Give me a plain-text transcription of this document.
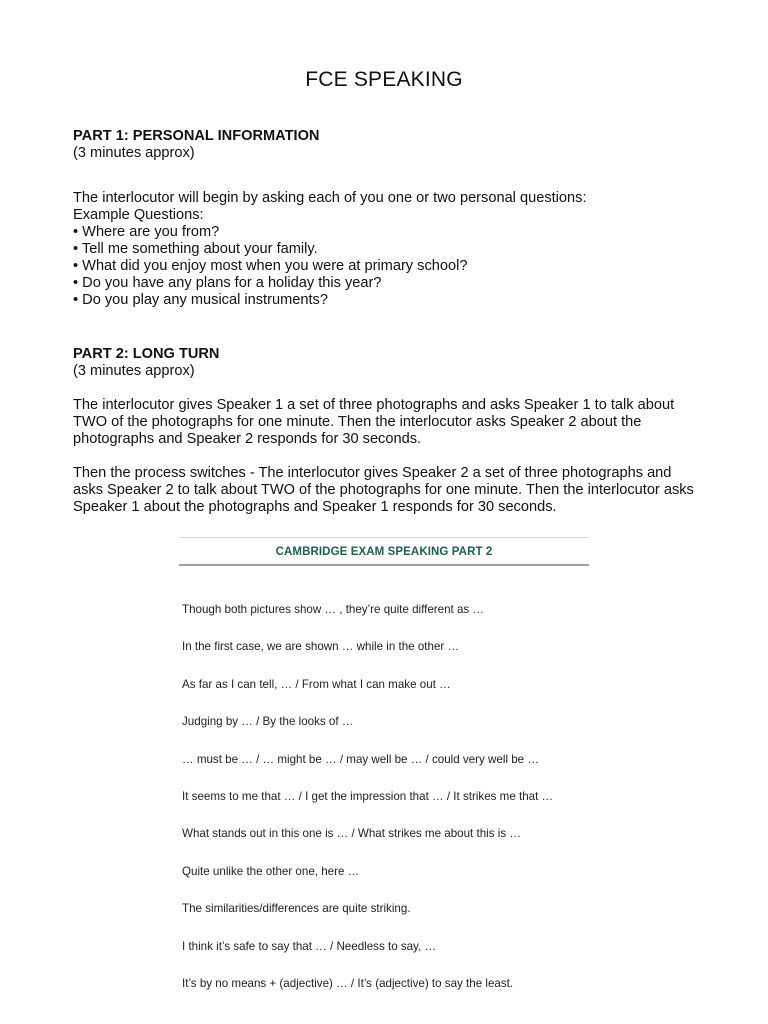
FCE SPEAKING

PART 1: PERSONAL INFORMATION

(3 minutes approx)

The interlocutor will begin by asking each of you one or two personal questions:

Example Questions:

• Where are you from?
• Tell me something about your family.
• What did you enjoy most when you were at primary school?
• Do you have any plans for a holiday this year?
• Do you play any musical instruments?

PART 2: LONG TURN

(3 minutes approx)

The interlocutor gives Speaker 1 a set of three photographs and asks Speaker 1 to talk about TWO of the photographs for one minute. Then the interlocutor asks Speaker 2 about the photographs and Speaker 2 responds for 30 seconds.

Then the process switches - The interlocutor gives Speaker 2 a set of three photographs and asks Speaker 2 to talk about TWO of the photographs for one minute. Then the interlocutor asks Speaker 1 about the photographs and Speaker 1 responds for 30 seconds.

CAMBRIDGE EXAM SPEAKING PART 2
Though both pictures show … , they’re quite different as …
In the first case, we are shown … while in the other …
As far as I can tell, … / From what I can make out …
Judging by … / By the looks of …
… must be … / … might be … / may well be … / could very well be …
It seems to me that … / I get the impression that … / It strikes me that …
What stands out in this one is … / What strikes me about this is …
Quite unlike the other one, here …
The similarities/differences are quite striking.
I think it’s safe to say that … / Needless to say, …
It’s by no means + (adjective) … / It’s (adjective) to say the least.
